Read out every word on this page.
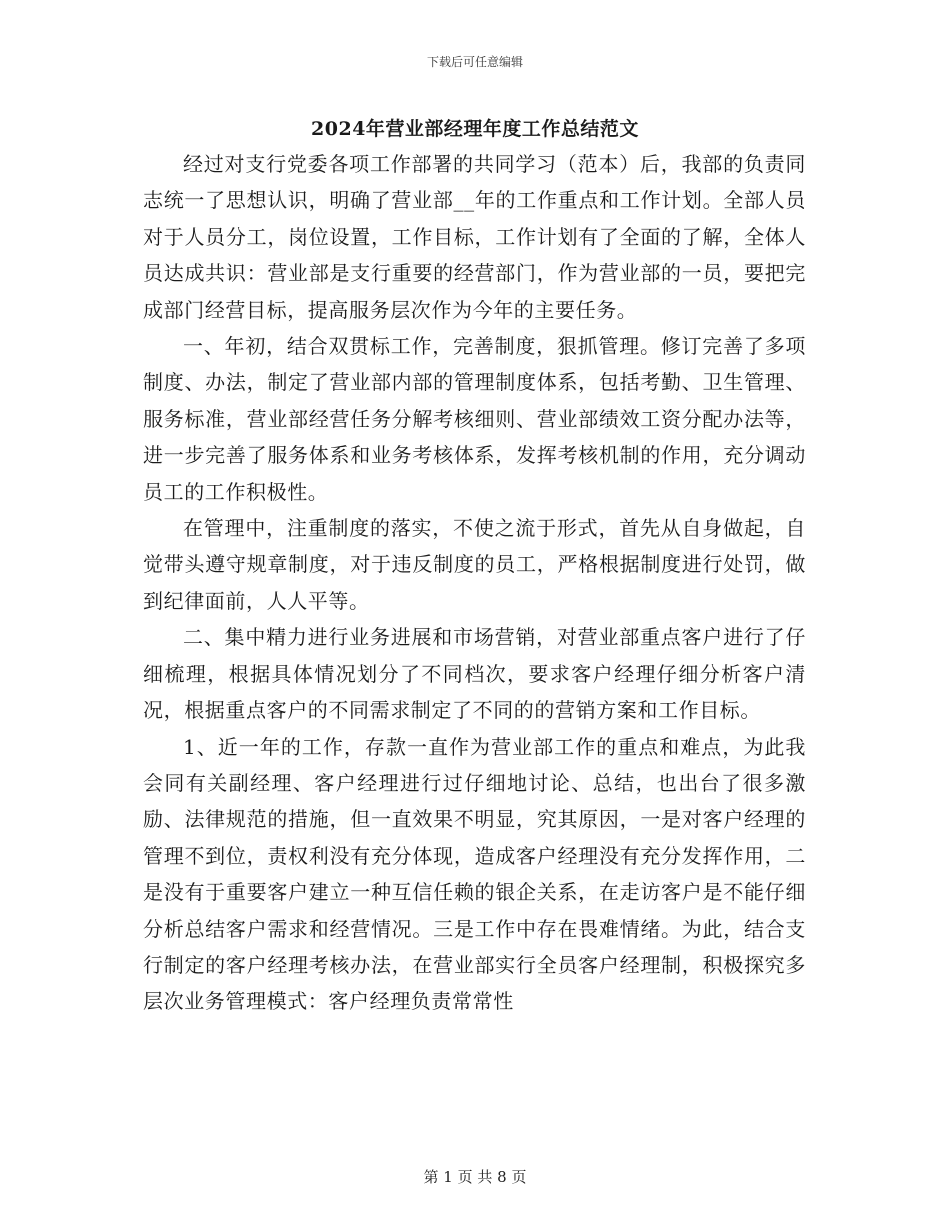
下载后可任意编辑
2024年营业部经理年度工作总结范文

经过对支行党委各项工作部署的共同学习（范本）后，我部的负责同志统一了思想认识，明确了营业部__年的工作重点和工作计划。全部人员对于人员分工，岗位设置，工作目标，工作计划有了全面的了解，全体人员达成共识：营业部是支行重要的经营部门，作为营业部的一员，要把完成部门经营目标，提高服务层次作为今年的主要任务。

一、年初，结合双贯标工作，完善制度，狠抓管理。修订完善了多项制度、办法，制定了营业部内部的管理制度体系，包括考勤、卫生管理、服务标准，营业部经营任务分解考核细则、营业部绩效工资分配办法等，进一步完善了服务体系和业务考核体系，发挥考核机制的作用，充分调动员工的工作积极性。

在管理中，注重制度的落实，不使之流于形式，首先从自身做起，自觉带头遵守规章制度，对于违反制度的员工，严格根据制度进行处罚，做到纪律面前，人人平等。

二、集中精力进行业务进展和市场营销，对营业部重点客户进行了仔细梳理，根据具体情况划分了不同档次，要求客户经理仔细分析客户清况，根据重点客户的不同需求制定了不同的的营销方案和工作目标。

1、近一年的工作，存款一直作为营业部工作的重点和难点，为此我会同有关副经理、客户经理进行过仔细地讨论、总结，也出台了很多激励、法律规范的措施，但一直效果不明显，究其原因，一是对客户经理的管理不到位，责权利没有充分体现，造成客户经理没有充分发挥作用，二是没有于重要客户建立一种互信任赖的银企关系，在走访客户是不能仔细分析总结客户需求和经营情况。三是工作中存在畏难情绪。为此，结合支行制定的客户经理考核办法，在营业部实行全员客户经理制，积极探究多层次业务管理模式：客户经理负责常常性

第 1 页 共 8 页
